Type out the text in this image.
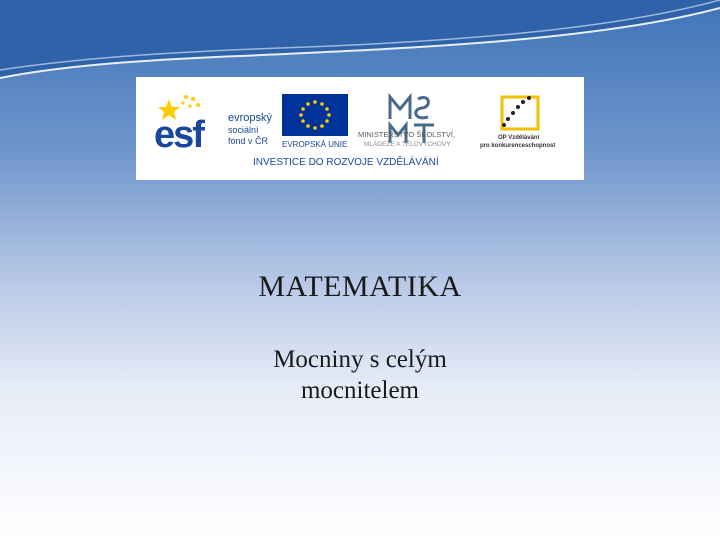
esf evropský
sociální
fond v ČR EVROPSKÁ UNIE
MINISTERSTVO ŠKOLSTVÍ,
MLÁDEŽE A TĚLOVÝCHOVY
OP Vzdělávání
pro konkurenceschopnost
INVESTICE DO ROZVOJE VZDĚLÁVÁNÍ
MATEMATIKA
Mocniny s celým
mocnitelem
